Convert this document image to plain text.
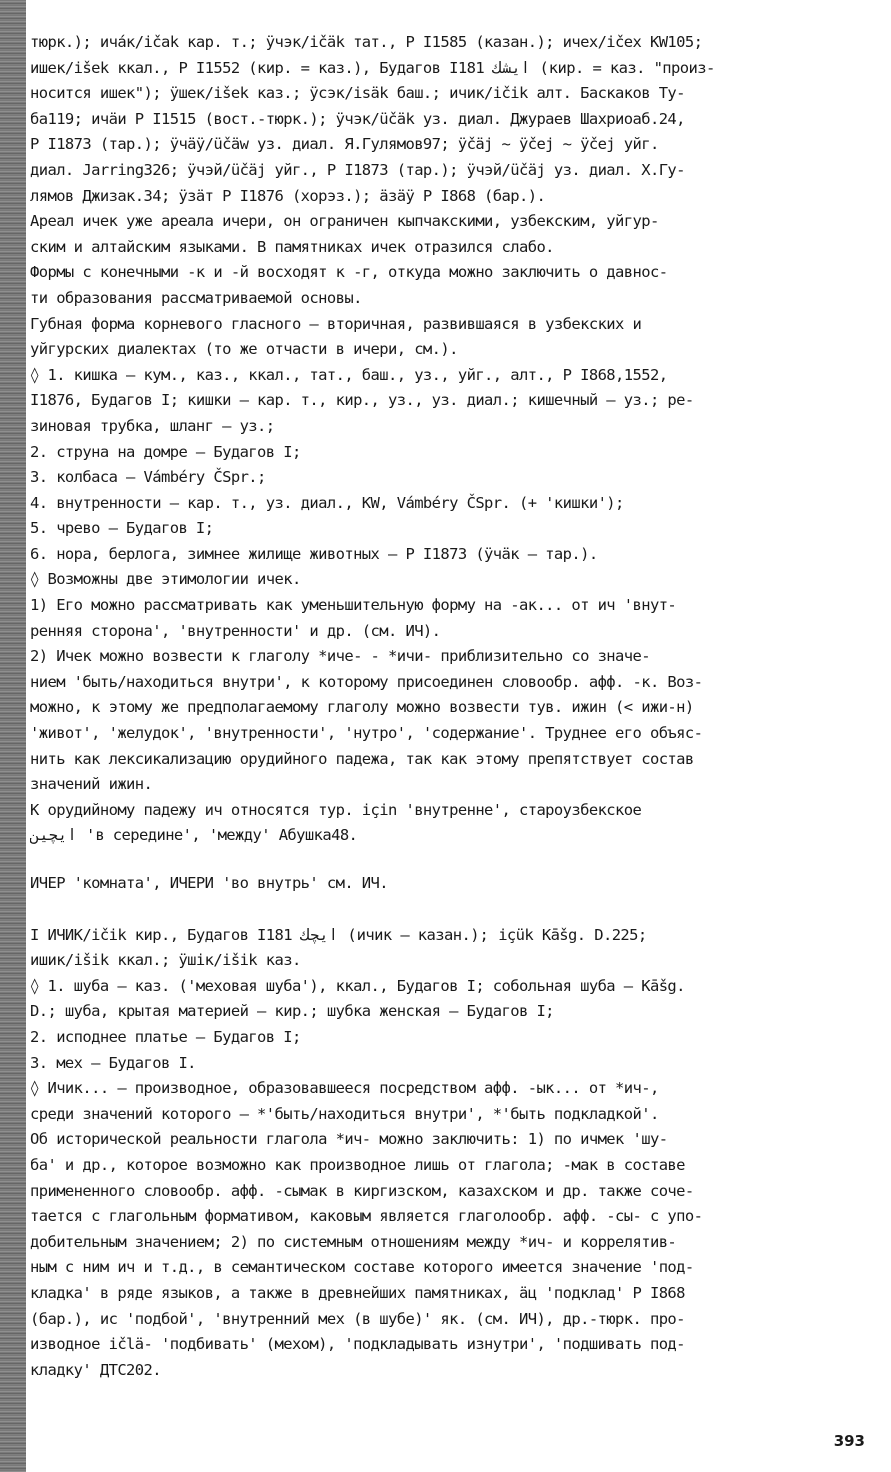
тюрк.); ича́к/ičak кар. т.; ӱчэк/ičäk тат., Р I1585 (казан.); ичех/ičeх KW105;

ишек/išek ккал., Р I1552 (кир. = каз.), Будагов I181 ایشك (кир. = каз. "произ-

носится ишек"); ӱшек/išek каз.; ӱсэк/isäk баш.; ичик/ičik алт. Баскаков Ту-

ба119; ичӓи Р I1515 (вост.-тюрк.); ӱчэк/üčäk уз. диал. Джураев Шахриоаб.24,

Р I1873 (тар.); ӱчӓӱ/üčäw уз. диал. Я.Гулямов97; ӱčäj ~ ӱčej ~ ӱčej уйг.

диал. Jarring326; ӱчэй/üčäj уйг., Р I1873 (тар.); ӱчэй/üčäj уз. диал. Х.Гу-

лямов Джизак.34; ӱзӓт Р I1876 (хорэз.); ӓзӓӱ Р I868 (бар.).

Ареал ичек уже ареала ичери, он ограничен кыпчакскими, узбекским, уйгур-

ским и алтайским языками. В памятниках ичек отразился слабо.

Формы с конечными -к и -й восходят к -г, откуда можно заключить о давнос-

ти образования рассматриваемой основы.

Губная форма корневого гласного – вторичная, развившаяся в узбекских и

уйгурских диалектах (то же отчасти в ичери, см.).

◊ 1. кишка – кум., каз., ккал., тат., баш., уз., уйг., алт., Р I868,1552,

I1876, Будагов I; кишки – кар. т., кир., уз., уз. диал.; кишечный – уз.; ре-

зиновая трубка, шланг – уз.;

2. струна на домре – Будагов I;

3. колбаса – Vámbéry ČSpr.;

4. внутренности – кар. т., уз. диал., KW, Vámbéry ČSpr. (+ 'кишки');

5. чрево – Будагов I;

6. нора, берлога, зимнее жилище животных – Р I1873 (ӱчӓк – тар.).

◊ Возможны две этимологии ичек.

1) Его можно рассматривать как уменьшительную форму на -ак... от ич 'внут-

ренняя сторона', 'внутренности' и др. (см. ИЧ).

2) Ичек можно возвести к глаголу *иче- - *ичи- приблизительно со значе-

нием 'быть/находиться внутри', к которому присоединен словообр. афф. -к. Воз-

можно, к этому же предполагаемому глаголу можно возвести тув. ижин (< ижи-н)

'живот', 'желудок', 'внутренности', 'нутро', 'содержание'. Труднее его объяс-

нить как лексикализацию орудийного падежа, так как этому препятствует состав

значений ижин.

К орудийному падежу ич относятся тур. için 'внутренне', староузбекское

ایچين 'в середине', 'между' Абушка48.

ИЧЕР 'комната', ИЧЕРИ 'во внутрь' см. ИЧ.

I ИЧИК/ičik кир., Будагов I181 ایچك (ичик – казан.); içük Kāšg. D.225;

ишик/išik ккал.; ӱшік/išik каз.

◊ 1. шуба – каз. ('меховая шуба'), ккал., Будагов I; собольная шуба – Kāšg.

D.; шуба, крытая материей – кир.; шубка женская – Будагов I;

2. исподнее платье – Будагов I;

3. мех – Будагов I.

◊ Ичик... – производное, образовавшееся посредством афф. -ык... от *ич-,

среди значений которого – *'быть/находиться внутри', *'быть подкладкой'.

Об исторической реальности глагола *ич- можно заключить: 1) по ичмек 'шу-

ба' и др., которое возможно как производное лишь от глагола; -мак в составе

примененного словообр. афф. -сымак в киргизском, казахском и др. также соче-

тается с глагольным формативом, каковым является глаголообр. афф. -сы- с упо-

добительным значением; 2) по системным отношениям между *ич- и коррелятив-

ным с ним ич и т.д., в семантическом составе которого имеется значение 'под-

кладка' в ряде языков, а также в древнейших памятниках, ӓц 'подклад' Р I868

(бар.), ис 'подбой', 'внутренний мех (в шубе)' як. (см. ИЧ), др.-тюрк. про-

изводное ičlä- 'подбивать' (мехом), 'подкладывать изнутри', 'подшивать под-

кладку' ДТС202.

393
